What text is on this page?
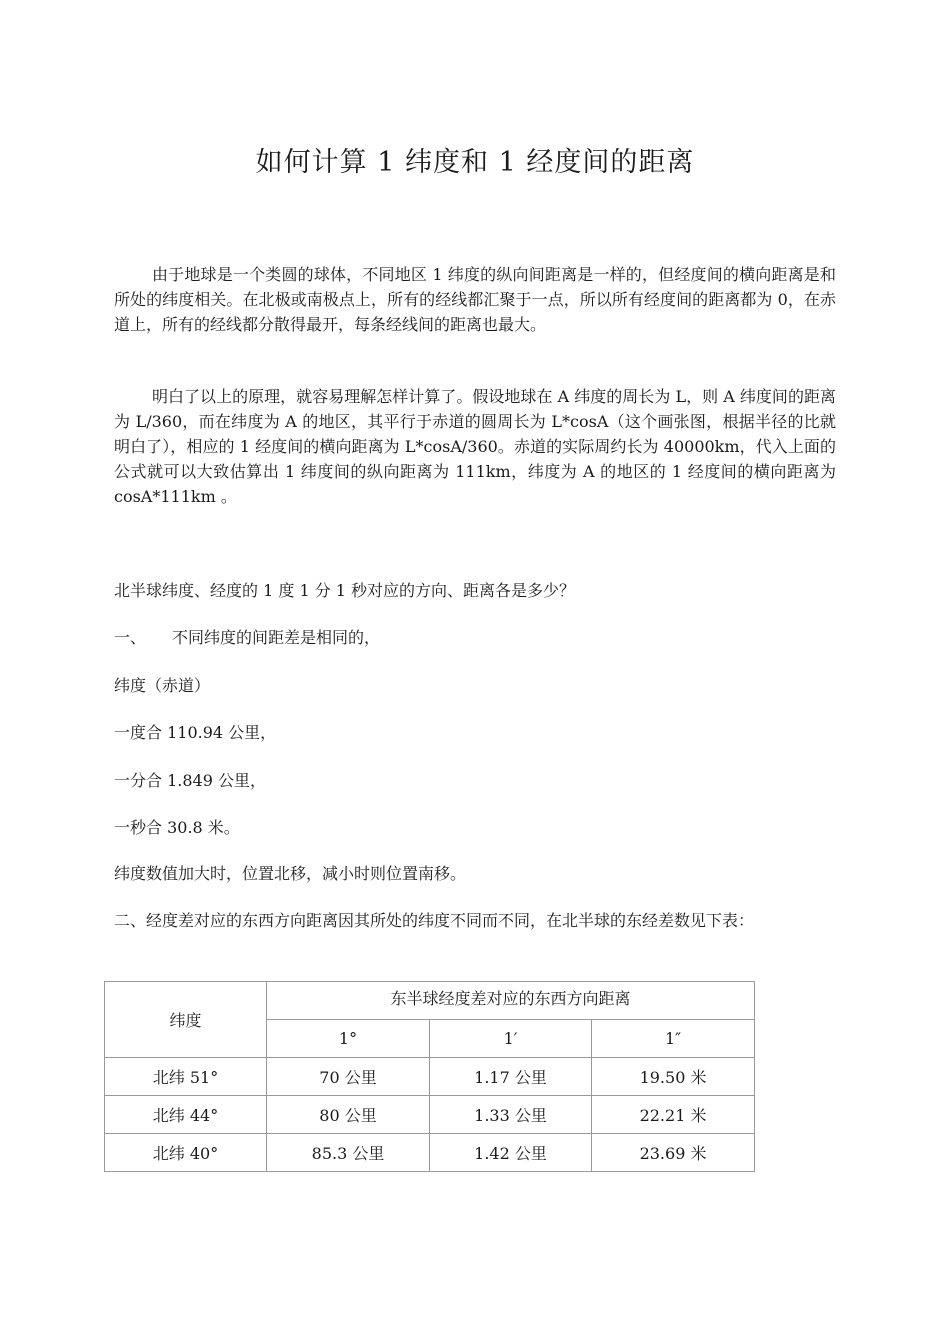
如何计算 1 纬度和 1 经度间的距离

由于地球是一个类圆的球体，不同地区 1 纬度的纵向间距离是一样的，但经度间的横向距离是和所处的纬度相关。在北极或南极点上，所有的经线都汇聚于一点，所以所有经度间的距离都为 0，在赤道上，所有的经线都分散得最开，每条经线间的距离也最大。

明白了以上的原理，就容易理解怎样计算了。假设地球在 A 纬度的周长为 L，则 A 纬度间的距离为 L/360，而在纬度为 A 的地区，其平行于赤道的圆周长为 L*cosA（这个画张图，根据半径的比就明白了），相应的 1 经度间的横向距离为 L*cosA/360。赤道的实际周约长为 40000km，代入上面的公式就可以大致估算出 1 纬度间的纵向距离为 111km，纬度为 A 的地区的 1 经度间的横向距离为 cosA*111km 。

北半球纬度、经度的 1 度 1 分 1 秒对应的方向、距离各是多少？

一、 不同纬度的间距差是相同的，

纬度（赤道）

一度合 110.94 公里，

一分合 1.849 公里，

一秒合 30.8 米。

纬度数值加大时，位置北移，减小时则位置南移。

二、经度差对应的东西方向距离因其所处的纬度不同而不同，在北半球的东经差数见下表：

纬度	东半球经度差对应的东西方向距离		
	1°	1′	1″
北纬 51°	70 公里	1.17 公里	19.50 米
北纬 44°	80 公里	1.33 公里	22.21 米
北纬 40°	85.3 公里	1.42 公里	23.69 米
